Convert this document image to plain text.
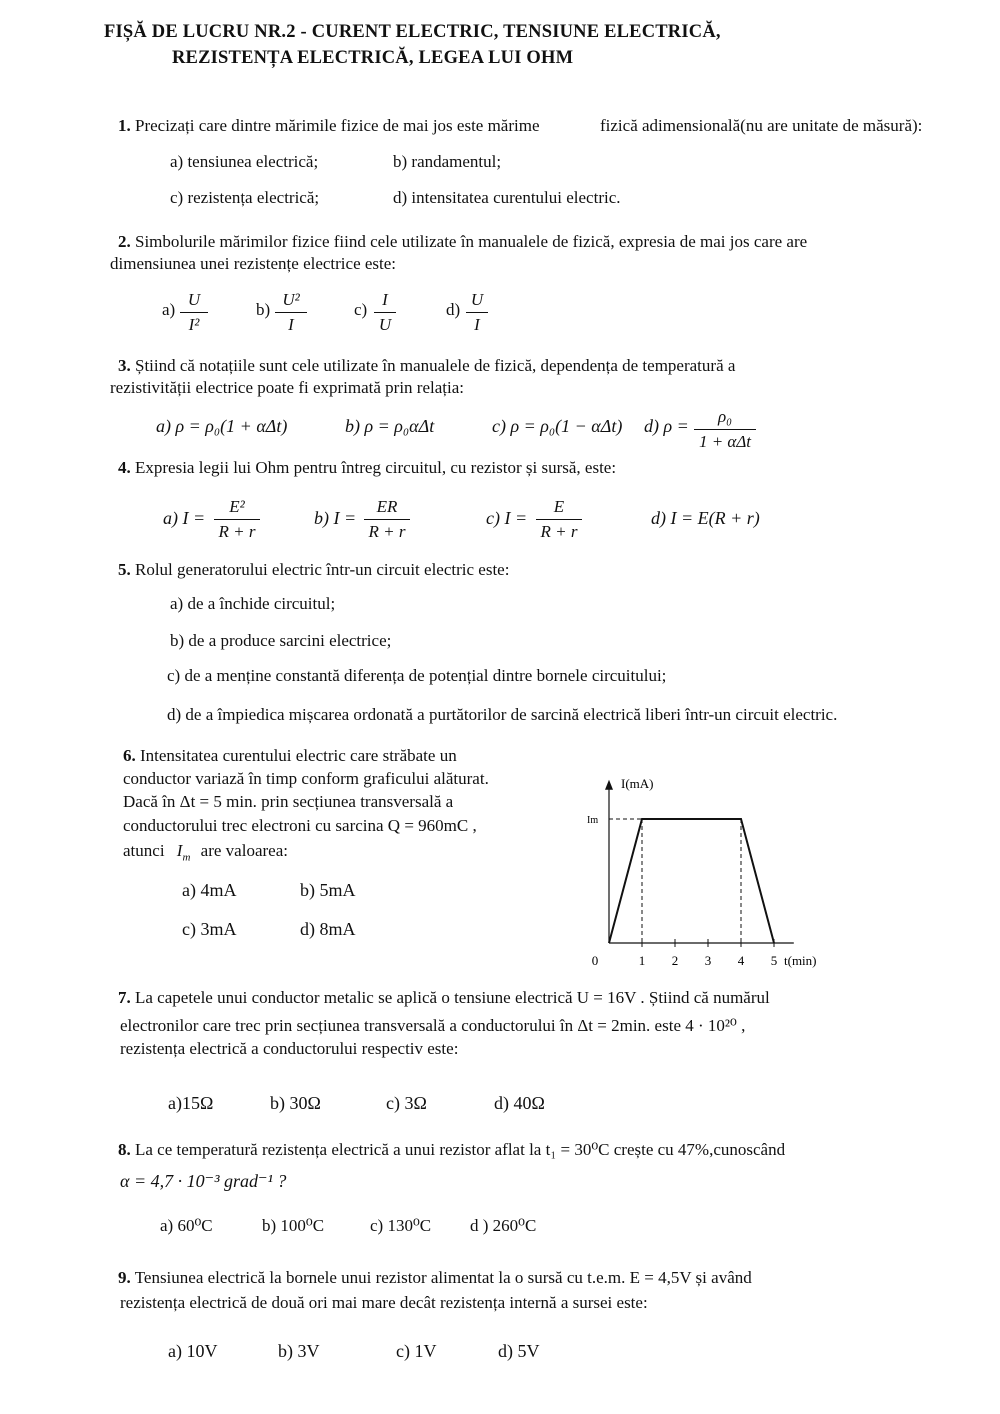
FIȘĂ DE LUCRU NR.2 - CURENT ELECTRIC, TENSIUNE ELECTRICĂ,
REZISTENȚA ELECTRICĂ, LEGEA LUI OHM
1. Precizați care dintre mărimile fizice de mai jos este mărime	fizică adimensională(nu are unitate de măsură):
a) tensiunea electrică;	b) randamentul;
c) rezistența electrică;	d) intensitatea curentului electric.
2. Simbolurile mărimilor fizice fiind cele utilizate în manualele de fizică, expresia de mai jos care are
dimensiunea unei rezistențe electrice este:
a)
U
I²
b)
U²
I
c)
I
U
d)
U
I
3. Știind că notațiile sunt cele utilizate în manualele de fizică, dependența de temperatură a
rezistivității electrice poate fi exprimată prin relația:
a) ρ = ρ₀(1 + αΔt)	b) ρ = ρ₀αΔt	c) ρ = ρ₀(1 − αΔt) d) ρ =	ρ₀
1 + αΔt
4. Expresia legii lui Ohm pentru întreg circuitul, cu rezistor și sursă, este:
a) I =
E²
R + r
b) I =
ER
R + r
c) I =
E
R + r
d) I = E(R + r)
5. Rolul generatorului electric într-un circuit electric este:
a) de a închide circuitul;
b) de a produce sarcini electrice;
c) de a menține constantă diferența de potențial dintre bornele circuitului;
d) de a împiedica mișcarea ordonată a purtătorilor de sarcină electrică liberi într-un circuit electric.
6. Intensitatea curentului electric care străbate un
conductor variază în timp conform graficului alăturat.
Dacă în Δt = 5 min. prin secțiunea transversală a
conductorului trec electroni cu sarcina Q = 960mC ,
atunci $I_m$ are valoarea:
a) 4mA	b) 5mA
c) 3mA	d) 8mA
I(mA)
Im
0	1 2 3 4 5 t(min)
7. La capetele unui conductor metalic se aplică o tensiune electrică U = 16V . Știind că numărul
electronilor care trec prin secțiunea transversală a conductorului în Δt = 2min. este 4 · 10²⁰ ,
rezistența electrică a conductorului respectiv este:
a)15Ω	b) 30Ω	c) 3Ω	d) 40Ω
8. La ce temperatură rezistența electrică a unui rezistor aflat la t₁ = 30⁰C crește cu 47%,cunoscând
α = 4,7 · 10⁻³ grad⁻¹ ?
a) 60⁰C	b) 100⁰C	c) 130⁰C d ) 260⁰C
9. Tensiunea electrică la bornele unui rezistor alimentat la o sursă cu t.e.m. E = 4,5V și având
rezistența electrică de două ori mai mare decât rezistența internă a sursei este:
a) 10V	b) 3V	c) 1V	d) 5V
